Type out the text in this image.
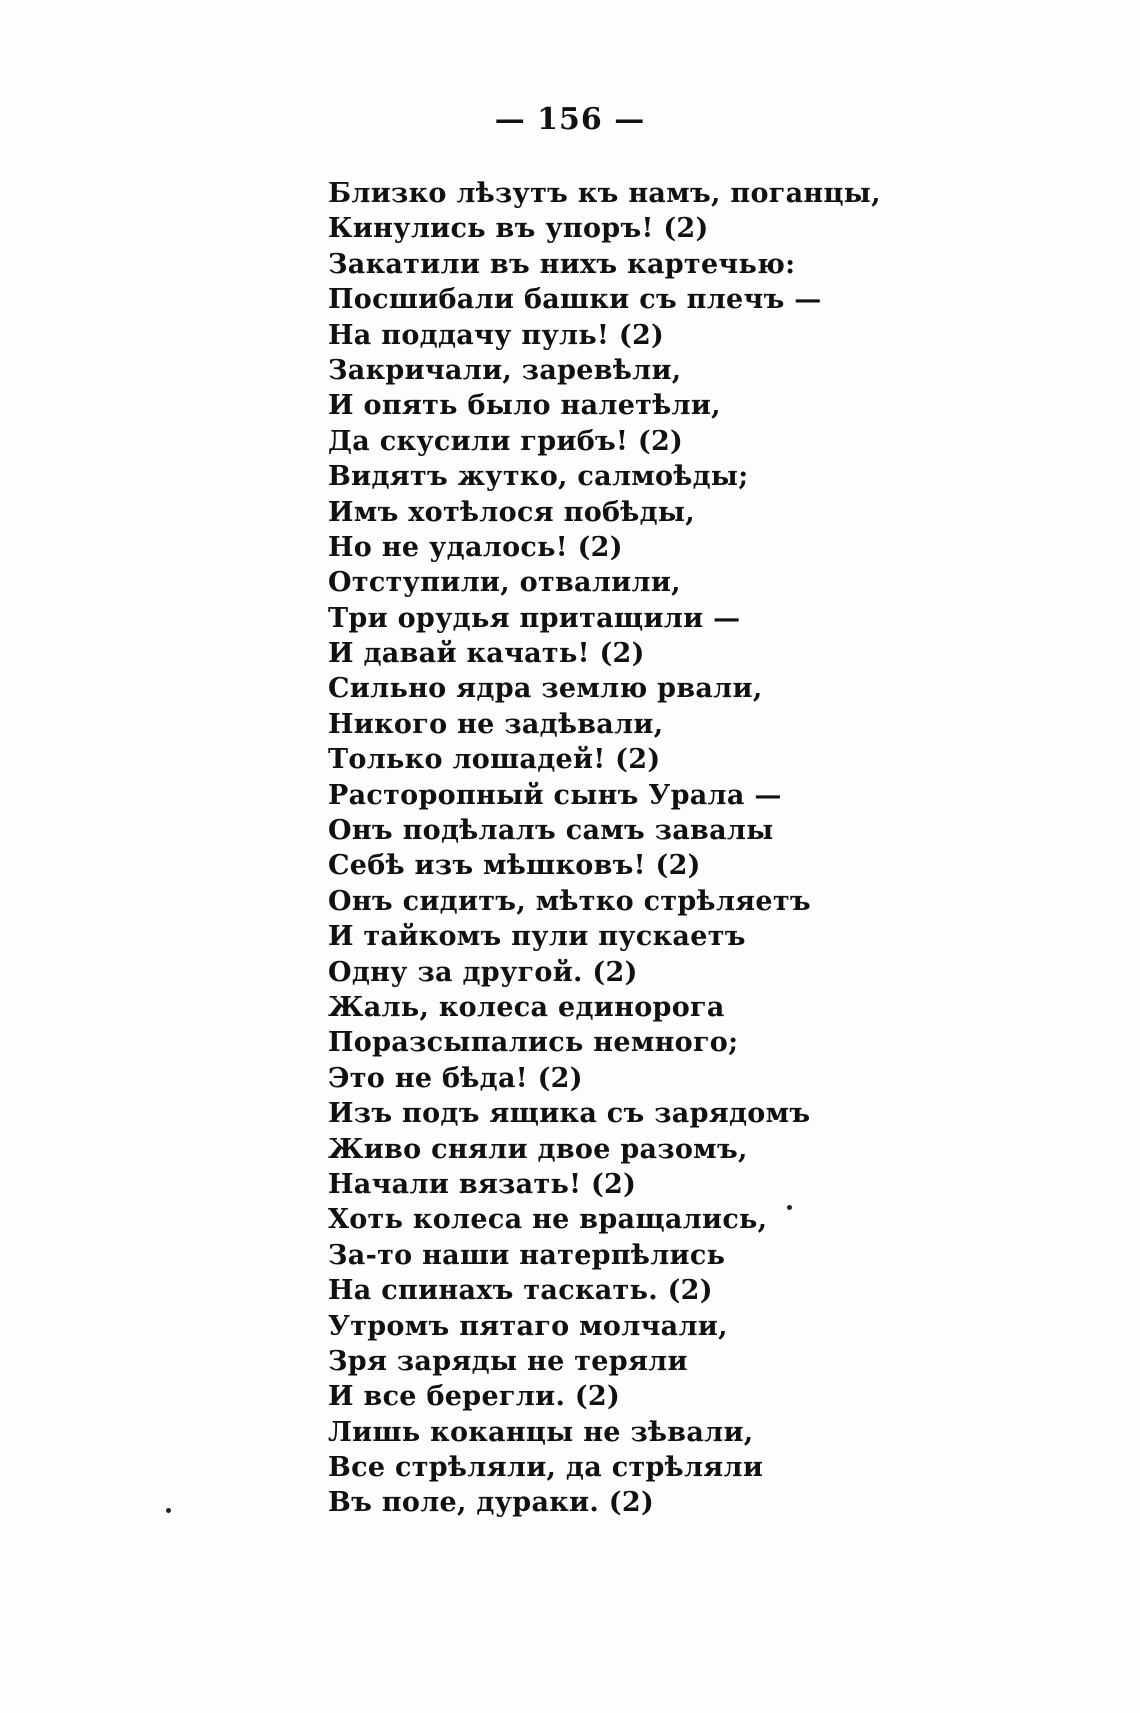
— 156 —
Близко лѣзутъ къ намъ, поганцы,
Кинулись въ упоръ! (2)
Закатили въ нихъ картечью:
Посшибали башки съ плечъ —
На поддачу пуль! (2)
Закричали, заревѣли,
И опять было налетѣли,
Да скусили грибъ! (2)
Видятъ жутко, салмоѣды;
Имъ хотѣлося побѣды,
Но не удалось! (2)
Отступили, отвалили,
Три орудья притащили —
И давай качать! (2)
Сильно ядра землю рвали,
Никого не задѣвали,
Только лошадей! (2)
Расторопный сынъ Урала —
Онъ подѣлалъ самъ завалы
Себѣ изъ мѣшковъ! (2)
Онъ сидитъ, мѣтко стрѣляетъ
И тайкомъ пули пускаетъ
Одну за другой. (2)
Жаль, колеса единорога
Поразсыпались немного;
Это не бѣда! (2)
Изъ подъ ящика съ зарядомъ
Живо сняли двое разомъ,
Начали вязать! (2)
Хоть колеса не вращались,
За-то наши натерпѣлись
На спинахъ таскать. (2)
Утромъ пятаго молчали,
Зря заряды не теряли
И все берегли. (2)
Лишь коканцы не зѣвали,
Все стрѣляли, да стрѣляли
Въ поле, дураки. (2)
